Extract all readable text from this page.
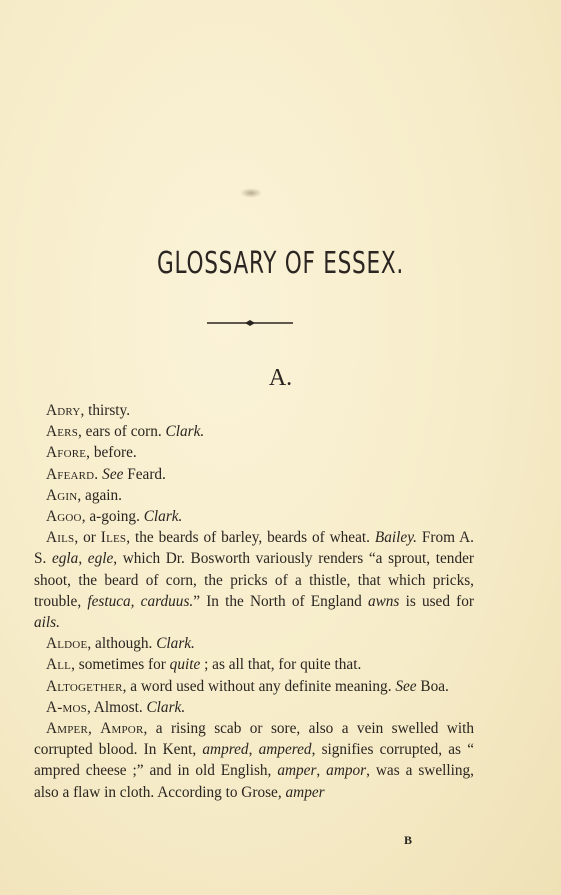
GLOSSARY OF ESSEX.
A.

Adry, thirsty.

Aers, ears of corn. Clark.

Afore, before.

Afeard. See Feard.

Agin, again.

Agoo, a-going. Clark.

Ails, or Iles, the beards of barley, beards of wheat. Bailey. From A. S. egla, egle, which Dr. Bosworth variously renders “a sprout, tender shoot, the beard of corn, the pricks of a thistle, that which pricks, trouble, festuca, carduus.” In the North of England awns is used for ails.

Aldoe, although. Clark.

All, sometimes for quite ; as all that, for quite that.

Altogether, a word used without any definite meaning. See Boa.

A-mos, Almost. Clark.

Amper, Ampor, a rising scab or sore, also a vein swelled with corrupted blood. In Kent, ampred, ampered, signifies corrupted, as “ ampred cheese ;” and in old English, amper, ampor, was a swelling, also a flaw in cloth. According to Grose, amper

B
